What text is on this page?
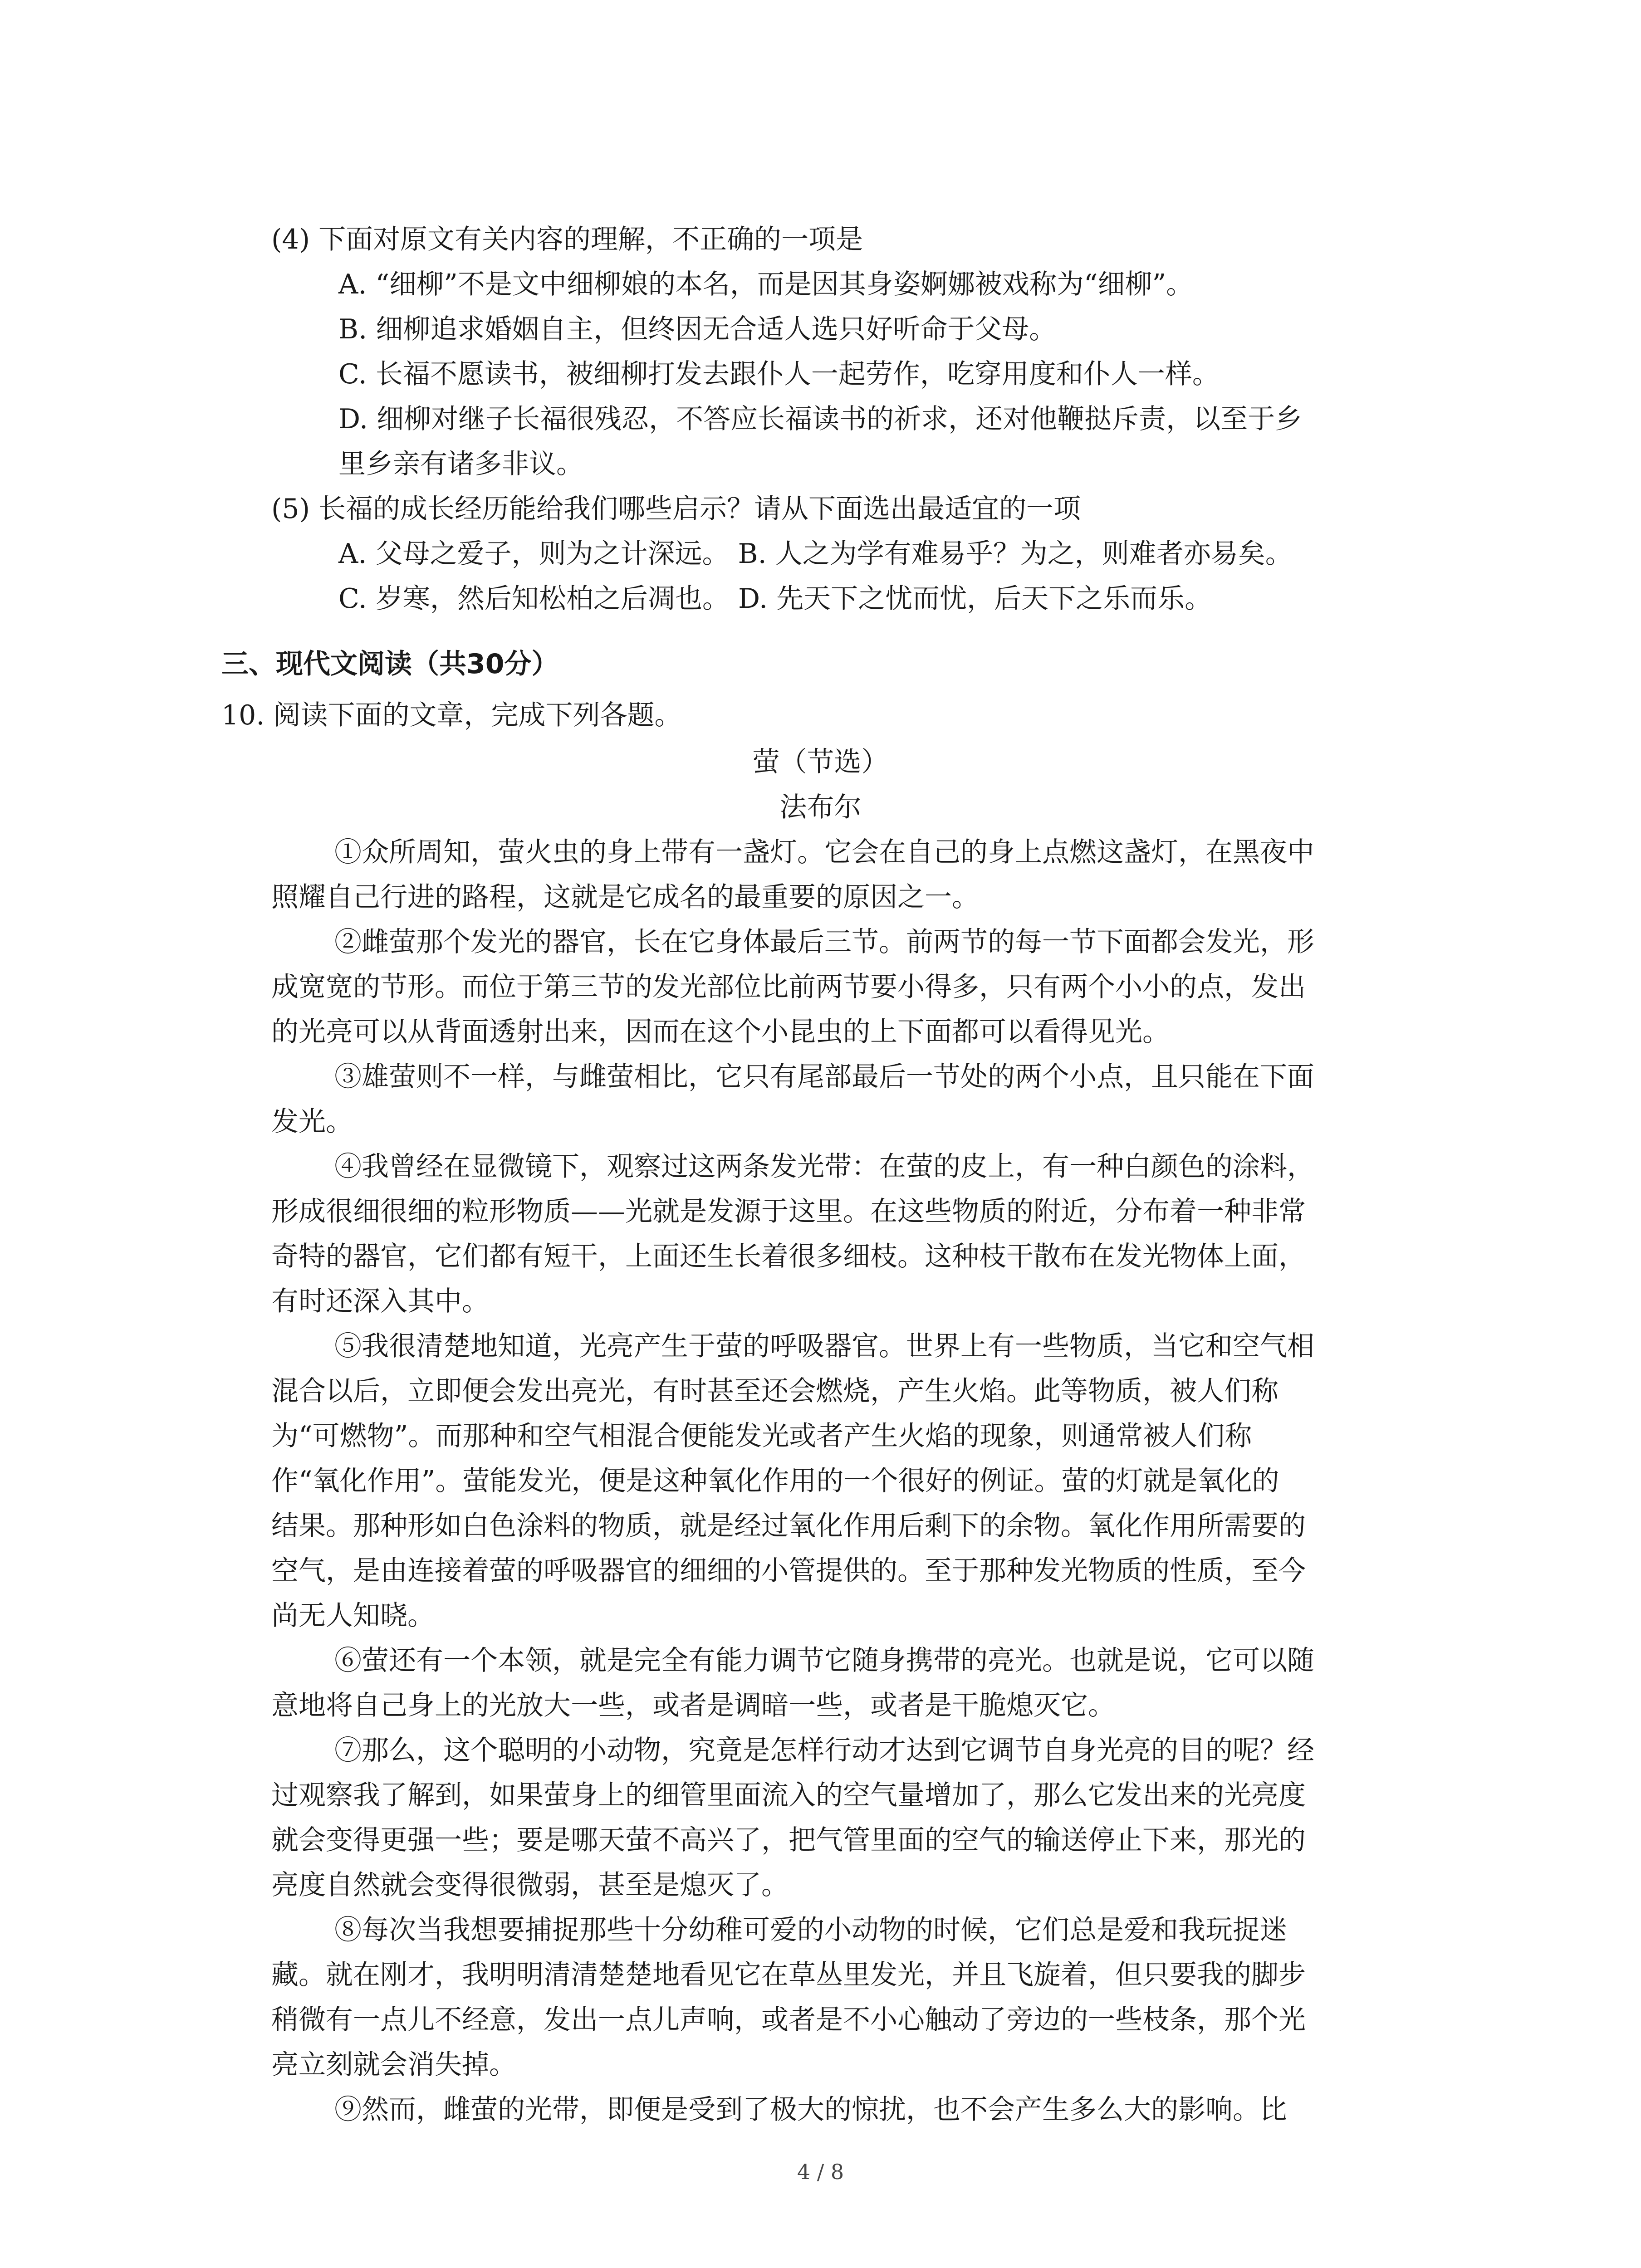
(4) 下面对原文有关内容的理解，不正确的一项是
A. “细柳”不是文中细柳娘的本名，而是因其身姿婀娜被戏称为“细柳”。
B. 细柳追求婚姻自主，但终因无合适人选只好听命于父母。
C. 长福不愿读书，被细柳打发去跟仆人一起劳作，吃穿用度和仆人一样。
D. 细柳对继子长福很残忍，不答应长福读书的祈求，还对他鞭挞斥责，以至于乡
里乡亲有诸多非议。
(5) 长福的成长经历能给我们哪些启示？请从下面选出最适宜的一项
A. 父母之爱子，则为之计深远。 B. 人之为学有难易乎？为之，则难者亦易矣。
C. 岁寒，然后知松柏之后凋也。 D. 先天下之忧而忧，后天下之乐而乐。
三、现代文阅读（共30分）
10. 阅读下面的文章，完成下列各题。
萤（节选）
法布尔
①众所周知，萤火虫的身上带有一盏灯。它会在自己的身上点燃这盏灯，在黑夜中
照耀自己行进的路程，这就是它成名的最重要的原因之一。
②雌萤那个发光的器官，长在它身体最后三节。前两节的每一节下面都会发光，形
成宽宽的节形。而位于第三节的发光部位比前两节要小得多，只有两个小小的点，发出
的光亮可以从背面透射出来，因而在这个小昆虫的上下面都可以看得见光。
③雄萤则不一样，与雌萤相比，它只有尾部最后一节处的两个小点，且只能在下面
发光。
④我曾经在显微镜下，观察过这两条发光带：在萤的皮上，有一种白颜色的涂料，
形成很细很细的粒形物质——光就是发源于这里。在这些物质的附近，分布着一种非常
奇特的器官，它们都有短干，上面还生长着很多细枝。这种枝干散布在发光物体上面，
有时还深入其中。
⑤我很清楚地知道，光亮产生于萤的呼吸器官。世界上有一些物质，当它和空气相
混合以后，立即便会发出亮光，有时甚至还会燃烧，产生火焰。此等物质，被人们称
为“可燃物”。而那种和空气相混合便能发光或者产生火焰的现象，则通常被人们称
作“氧化作用”。萤能发光，便是这种氧化作用的一个很好的例证。萤的灯就是氧化的
结果。那种形如白色涂料的物质，就是经过氧化作用后剩下的余物。氧化作用所需要的
空气，是由连接着萤的呼吸器官的细细的小管提供的。至于那种发光物质的性质，至今
尚无人知晓。
⑥萤还有一个本领，就是完全有能力调节它随身携带的亮光。也就是说，它可以随
意地将自己身上的光放大一些，或者是调暗一些，或者是干脆熄灭它。
⑦那么，这个聪明的小动物，究竟是怎样行动才达到它调节自身光亮的目的呢？经
过观察我了解到，如果萤身上的细管里面流入的空气量增加了，那么它发出来的光亮度
就会变得更强一些；要是哪天萤不高兴了，把气管里面的空气的输送停止下来，那光的
亮度自然就会变得很微弱，甚至是熄灭了。
⑧每次当我想要捕捉那些十分幼稚可爱的小动物的时候，它们总是爱和我玩捉迷
藏。就在刚才，我明明清清楚楚地看见它在草丛里发光，并且飞旋着，但只要我的脚步
稍微有一点儿不经意，发出一点儿声响，或者是不小心触动了旁边的一些枝条，那个光
亮立刻就会消失掉。
⑨然而，雌萤的光带，即便是受到了极大的惊扰，也不会产生多么大的影响。比
4 / 8
